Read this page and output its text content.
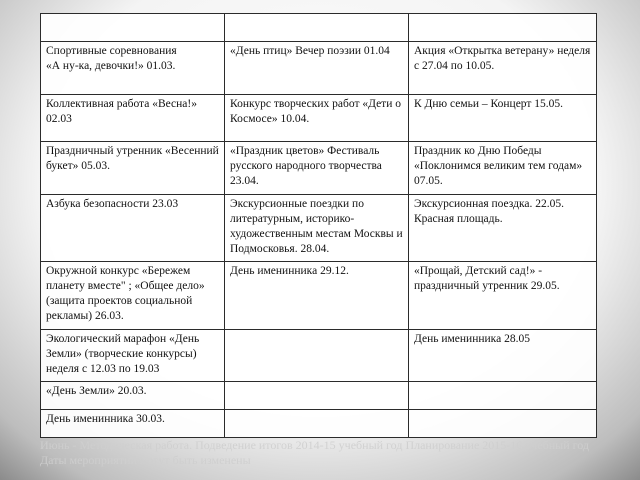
Спортивные соревнования
«А ну-ка, девочки!» 01.03.	«День птиц» Вечер поэзии 01.04	Акция «Открытка ветерану» неделя с 27.04 по 10.05.

Коллективная работа «Весна!» 02.03	Конкурс творческих работ «Дети о Космосе» 10.04.	К Дню семьи – Концерт 15.05.

Праздничный утренник «Весенний букет» 05.03.	«Праздник цветов» Фестиваль русского народного творчества 23.04.	Праздник ко Дню Победы «Поклонимся великим тем годам» 07.05.

Азбука безопасности 23.03	Экскурсионные поездки по литературным, историко-художественным местам Москвы и Подмосковья. 28.04.	Экскурсионная поездка. 22.05. Красная площадь.

Окружной конкурс «Бережем планету вместе" ; «Общее дело» (защита проектов социальной рекламы) 26.03.	День именинника 29.12.	«Прощай, Детский сад!» - праздничный утренник 29.05.

Экологический марафон «День Земли» (творческие конкурсы) неделя с 12.03 по 19.03		День именинника 28.05

«День Земли» 20.03.		

День именинника 30.03.		

Июнь - Методическая работа. Подведение итогов 2014-15 учебный год Планирование 2015-16 учебный год
Даты мероприятий могут быть изменены
